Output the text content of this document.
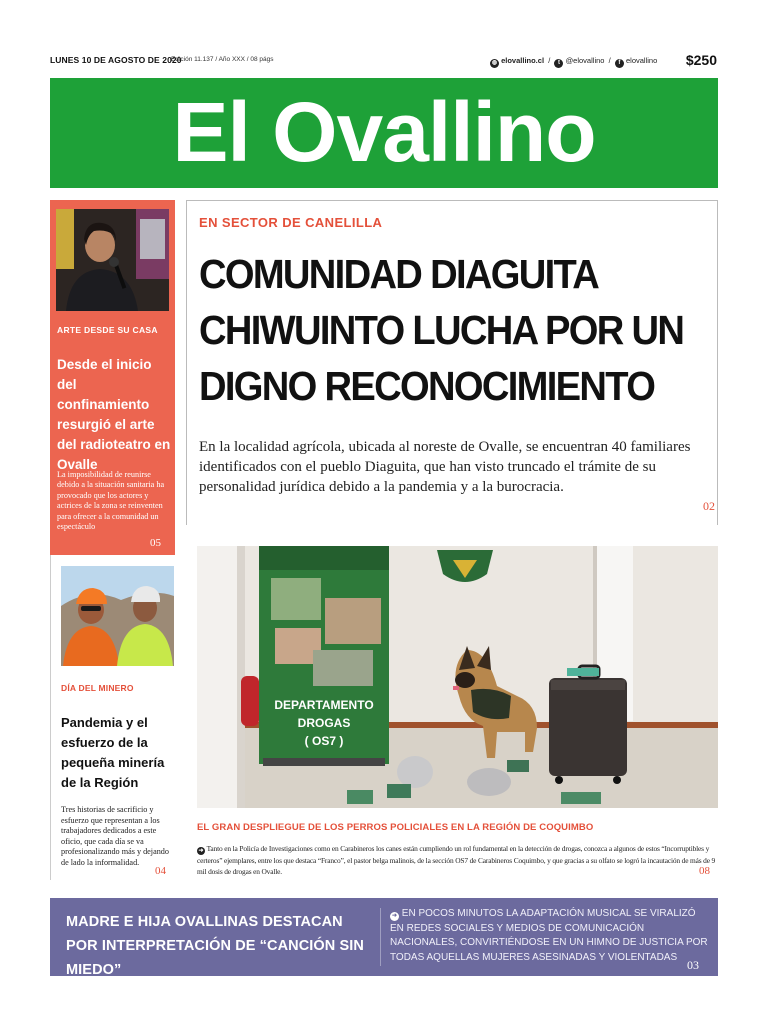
LUNES 10 DE AGOSTO DE 2020
Edición 11.137 / Año XXX / 08 págs	◍ elovallino.cl / t @elovallino / f elovallino $250
El Ovallino
ARTE DESDE SU CASA
Desde el inicio del confinamiento resurgió el arte del radioteatro en Ovalle
La imposibilidad de reunirse debido a la situación sanitaria ha provocado que los actores y actrices de la zona se reinventen para ofrecer a la comunidad un espectáculo
05
DÍA DEL MINERO
Pandemia y el esfuerzo de la pequeña minería de la Región
Tres historias de sacrificio y esfuerzo que representan a los trabajadores dedicados a este oficio, que cada día se va profesionalizando más y dejando de lado la informalidad.
04
EN SECTOR DE CANELILLA
COMUNIDAD DIAGUITA
CHIWUINTO LUCHA POR UN
DIGNO RECONOCIMIENTO
En la localidad agrícola, ubicada al noreste de Ovalle, se encuentran 40 familiares identificados con el pueblo Diaguita, que han visto truncado el trámite de su personalidad jurídica debido a la pandemia y a la burocracia.
02
DEPARTAMENTO
DROGAS
( OS7 )
EL GRAN DESPLIEGUE DE LOS PERROS POLICIALES EN LA REGIÓN DE COQUIMBO
➜ Tanto en la Policía de Investigaciones como en Carabineros los canes están cumpliendo un rol fundamental en la detección de drogas, conozca a algunos de estos “Incorruptibles y certeros” ejemplares, entre los que destaca “Franco”, el pastor belga malinois, de la sección OS7 de Carabineros Coquimbo, y que gracias a su olfato se logró la incautación de más de 9 mil dosis de drogas en Ovalle.	08
MADRE E HIJA OVALLINAS DESTACAN POR INTERPRETACIÓN DE “CANCIÓN SIN MIEDO”
➜ EN POCOS MINUTOS LA ADAPTACIÓN MUSICAL SE VIRALIZÓ EN REDES SOCIALES Y MEDIOS DE COMUNICACIÓN NACIONALES, CONVIRTIÉNDOSE EN UN HIMNO DE JUSTICIA POR TODAS AQUELLAS MUJERES ASESINADAS Y VIOLENTADAS
03
